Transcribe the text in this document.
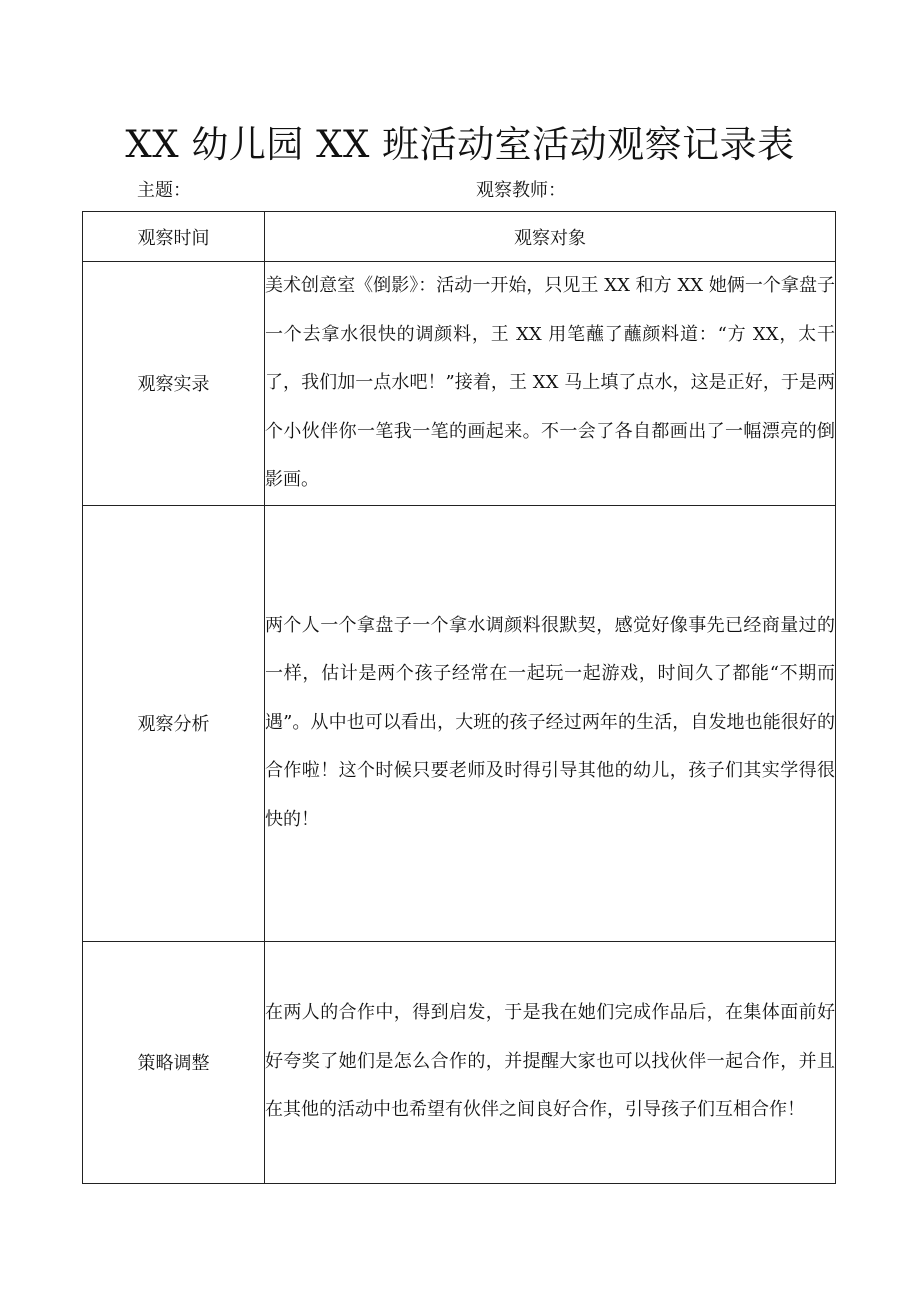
XX 幼儿园 XX 班活动室活动观察记录表
主题：	观察教师：
观察时间	观察对象
观察实录	美术创意室《倒影》：活动一开始，只见王 XX 和方 XX 她俩一个拿盘子一个去拿水很快的调颜料，王 XX 用笔蘸了蘸颜料道：“方 XX，太干了，我们加一点水吧！”接着，王 XX 马上填了点水，这是正好，于是两个小伙伴你一笔我一笔的画起来。不一会了各自都画出了一幅漂亮的倒影画。
观察分析	两个人一个拿盘子一个拿水调颜料很默契，感觉好像事先已经商量过的一样，估计是两个孩子经常在一起玩一起游戏，时间久了都能“不期而遇”。从中也可以看出，大班的孩子经过两年的生活，自发地也能很好的合作啦！这个时候只要老师及时得引导其他的幼儿，孩子们其实学得很快的！
策略调整	在两人的合作中，得到启发，于是我在她们完成作品后，在集体面前好好夸奖了她们是怎么合作的，并提醒大家也可以找伙伴一起合作，并且在其他的活动中也希望有伙伴之间良好合作，引导孩子们互相合作！
